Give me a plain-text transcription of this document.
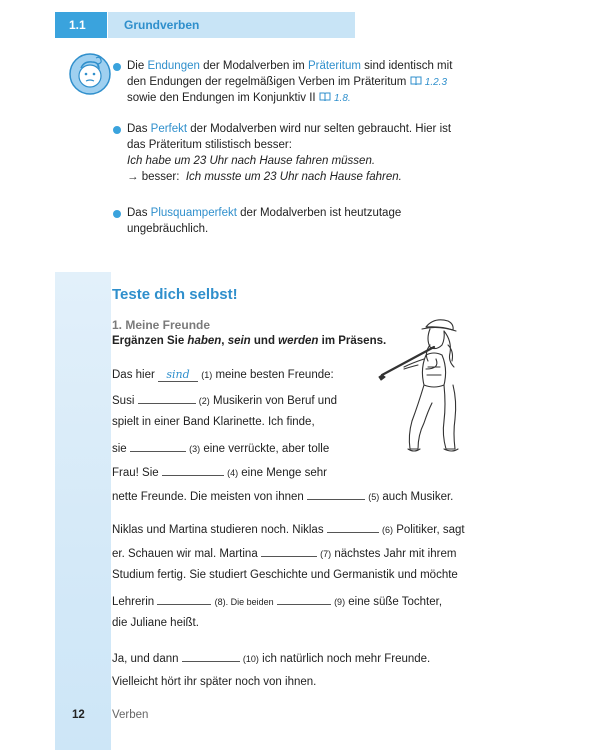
1.1	Grundverben
Die Endungen der Modalverben im Präteritum sind identisch mit
den Endungen der regelmäßigen Verben im Präteritum 1.2.3
sowie den Endungen im Konjunktiv II 1.8.
Das Perfekt der Modalverben wird nur selten gebraucht. Hier ist
das Präteritum stilistisch besser:
Ich habe um 23 Uhr nach Hause fahren müssen.
→ besser: Ich musste um 23 Uhr nach Hause fahren.
Das Plusquamperfekt der Modalverben ist heutzutage
ungebräuchlich.
Teste dich selbst!
1. Meine Freunde
Ergänzen Sie haben, sein und werden im Präsens.
Das hier sind (1) meine besten Freunde:
Susi	(2) Musikerin von Beruf und
spielt in einer Band Klarinette. Ich finde,
sie	(3) eine verrückte, aber tolle
Frau! Sie	(4) eine Menge sehr
nette Freunde. Die meisten von ihnen	(5) auch Musiker.
Niklas und Martina studieren noch. Niklas	(6) Politiker, sagt
er. Schauen wir mal. Martina	(7) nächstes Jahr mit ihrem
Studium fertig. Sie studiert Geschichte und Germanistik und möchte
Lehrerin	(8). Die beiden	(9) eine süße Tochter,
die Juliane heißt.
Ja, und dann	(10) ich natürlich noch mehr Freunde.
Vielleicht hört ihr später noch von ihnen.
12 Verben
